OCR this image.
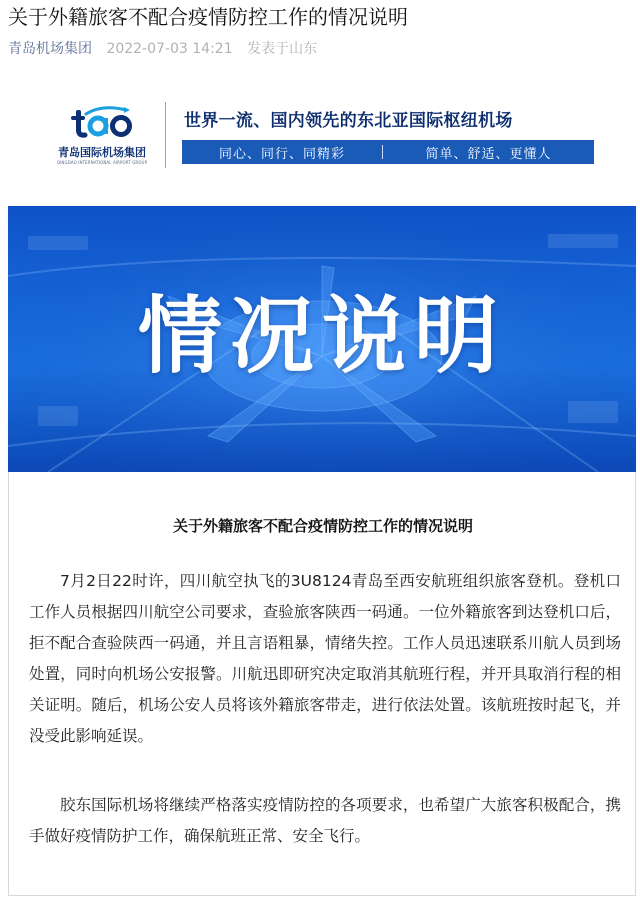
关于外籍旅客不配合疫情防控工作的情况说明
青岛机场集团 2022-07-03 14:21 发表于山东
青岛国际机场集团
QINGDAO INTERNATIONAL AIRPORT GROUP
世界一流、国内领先的东北亚国际枢纽机场
同心、同行、同精彩	简单、舒适、更懂人
情况说明
关于外籍旅客不配合疫情防控工作的情况说明

7月2日22时许，四川航空执飞的3U8124青岛至西安航班组织旅客登机。登机口工作人员根据四川航空公司要求，查验旅客陕西一码通。一位外籍旅客到达登机口后，拒不配合查验陕西一码通，并且言语粗暴，情绪失控。工作人员迅速联系川航人员到场处置，同时向机场公安报警。川航迅即研究决定取消其航班行程，并开具取消行程的相关证明。随后，机场公安人员将该外籍旅客带走，进行依法处置。该航班按时起飞，并没受此影响延误。

胶东国际机场将继续严格落实疫情防控的各项要求，也希望广大旅客积极配合，携手做好疫情防护工作，确保航班正常、安全飞行。
